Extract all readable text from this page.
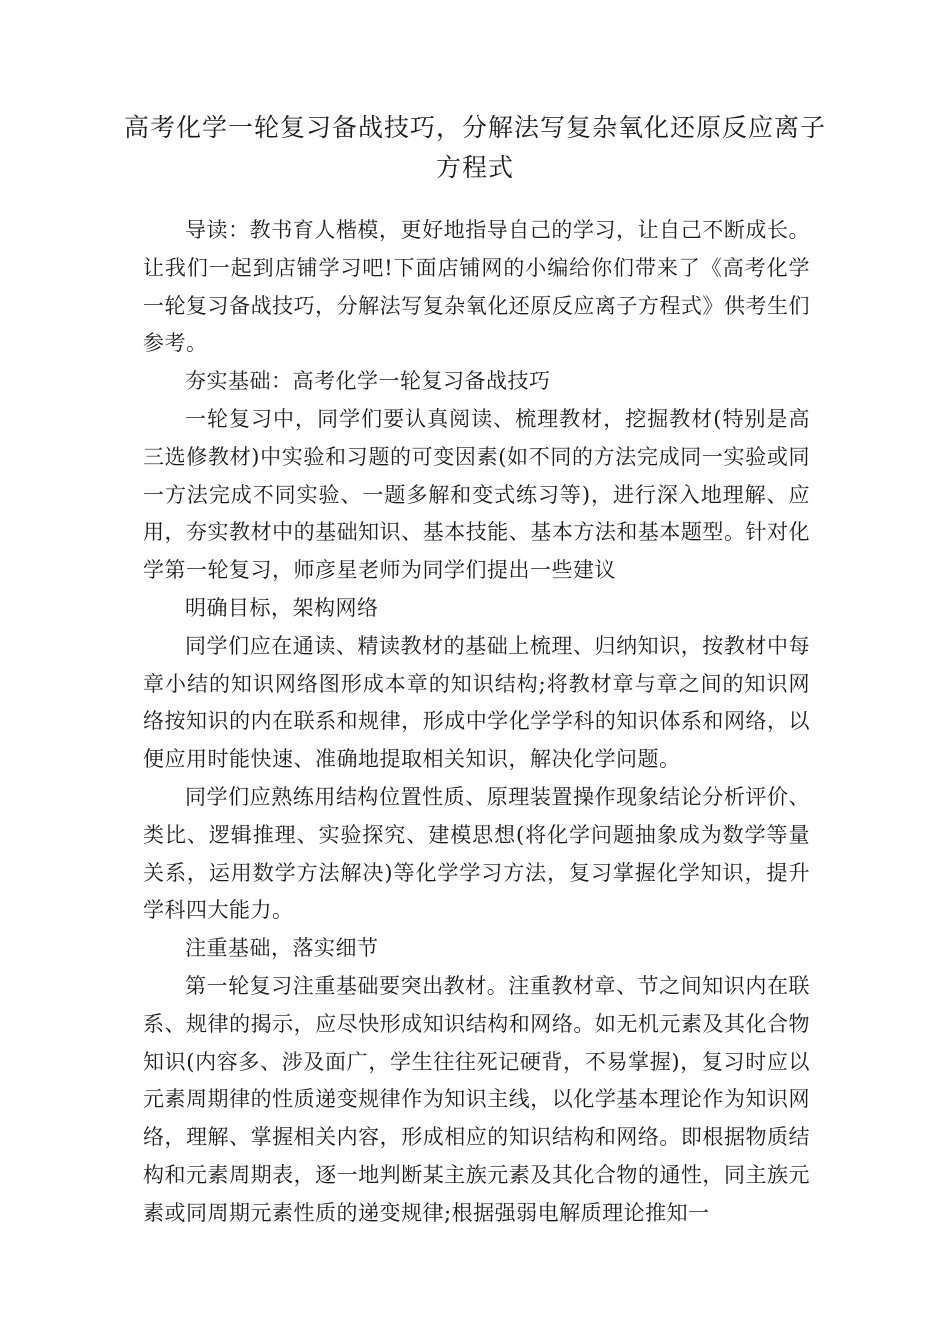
高考化学一轮复习备战技巧，分解法写复杂氧化还原反应离子
方程式

导读：教书育人楷模，更好地指导自己的学习，让自己不断成长。让我们一起到店铺学习吧!下面店铺网的小编给你们带来了《高考化学一轮复习备战技巧，分解法写复杂氧化还原反应离子方程式》供考生们参考。

夯实基础：高考化学一轮复习备战技巧

一轮复习中，同学们要认真阅读、梳理教材，挖掘教材(特别是高三选修教材)中实验和习题的可变因素(如不同的方法完成同一实验或同一方法完成不同实验、一题多解和变式练习等)，进行深入地理解、应用，夯实教材中的基础知识、基本技能、基本方法和基本题型。针对化学第一轮复习，师彦星老师为同学们提出一些建议

明确目标，架构网络

同学们应在通读、精读教材的基础上梳理、归纳知识，按教材中每章小结的知识网络图形成本章的知识结构;将教材章与章之间的知识网络按知识的内在联系和规律，形成中学化学学科的知识体系和网络，以便应用时能快速、准确地提取相关知识，解决化学问题。

同学们应熟练用结构位置性质、原理装置操作现象结论分析评价、类比、逻辑推理、实验探究、建模思想(将化学问题抽象成为数学等量关系，运用数学方法解决)等化学学习方法，复习掌握化学知识，提升学科四大能力。

注重基础，落实细节

第一轮复习注重基础要突出教材。注重教材章、节之间知识内在联系、规律的揭示，应尽快形成知识结构和网络。如无机元素及其化合物知识(内容多、涉及面广，学生往往死记硬背，不易掌握)，复习时应以元素周期律的性质递变规律作为知识主线，以化学基本理论作为知识网络，理解、掌握相关内容，形成相应的知识结构和网络。即根据物质结构和元素周期表，逐一地判断某主族元素及其化合物的通性，同主族元素或同周期元素性质的递变规律;根据强弱电解质理论推知一
